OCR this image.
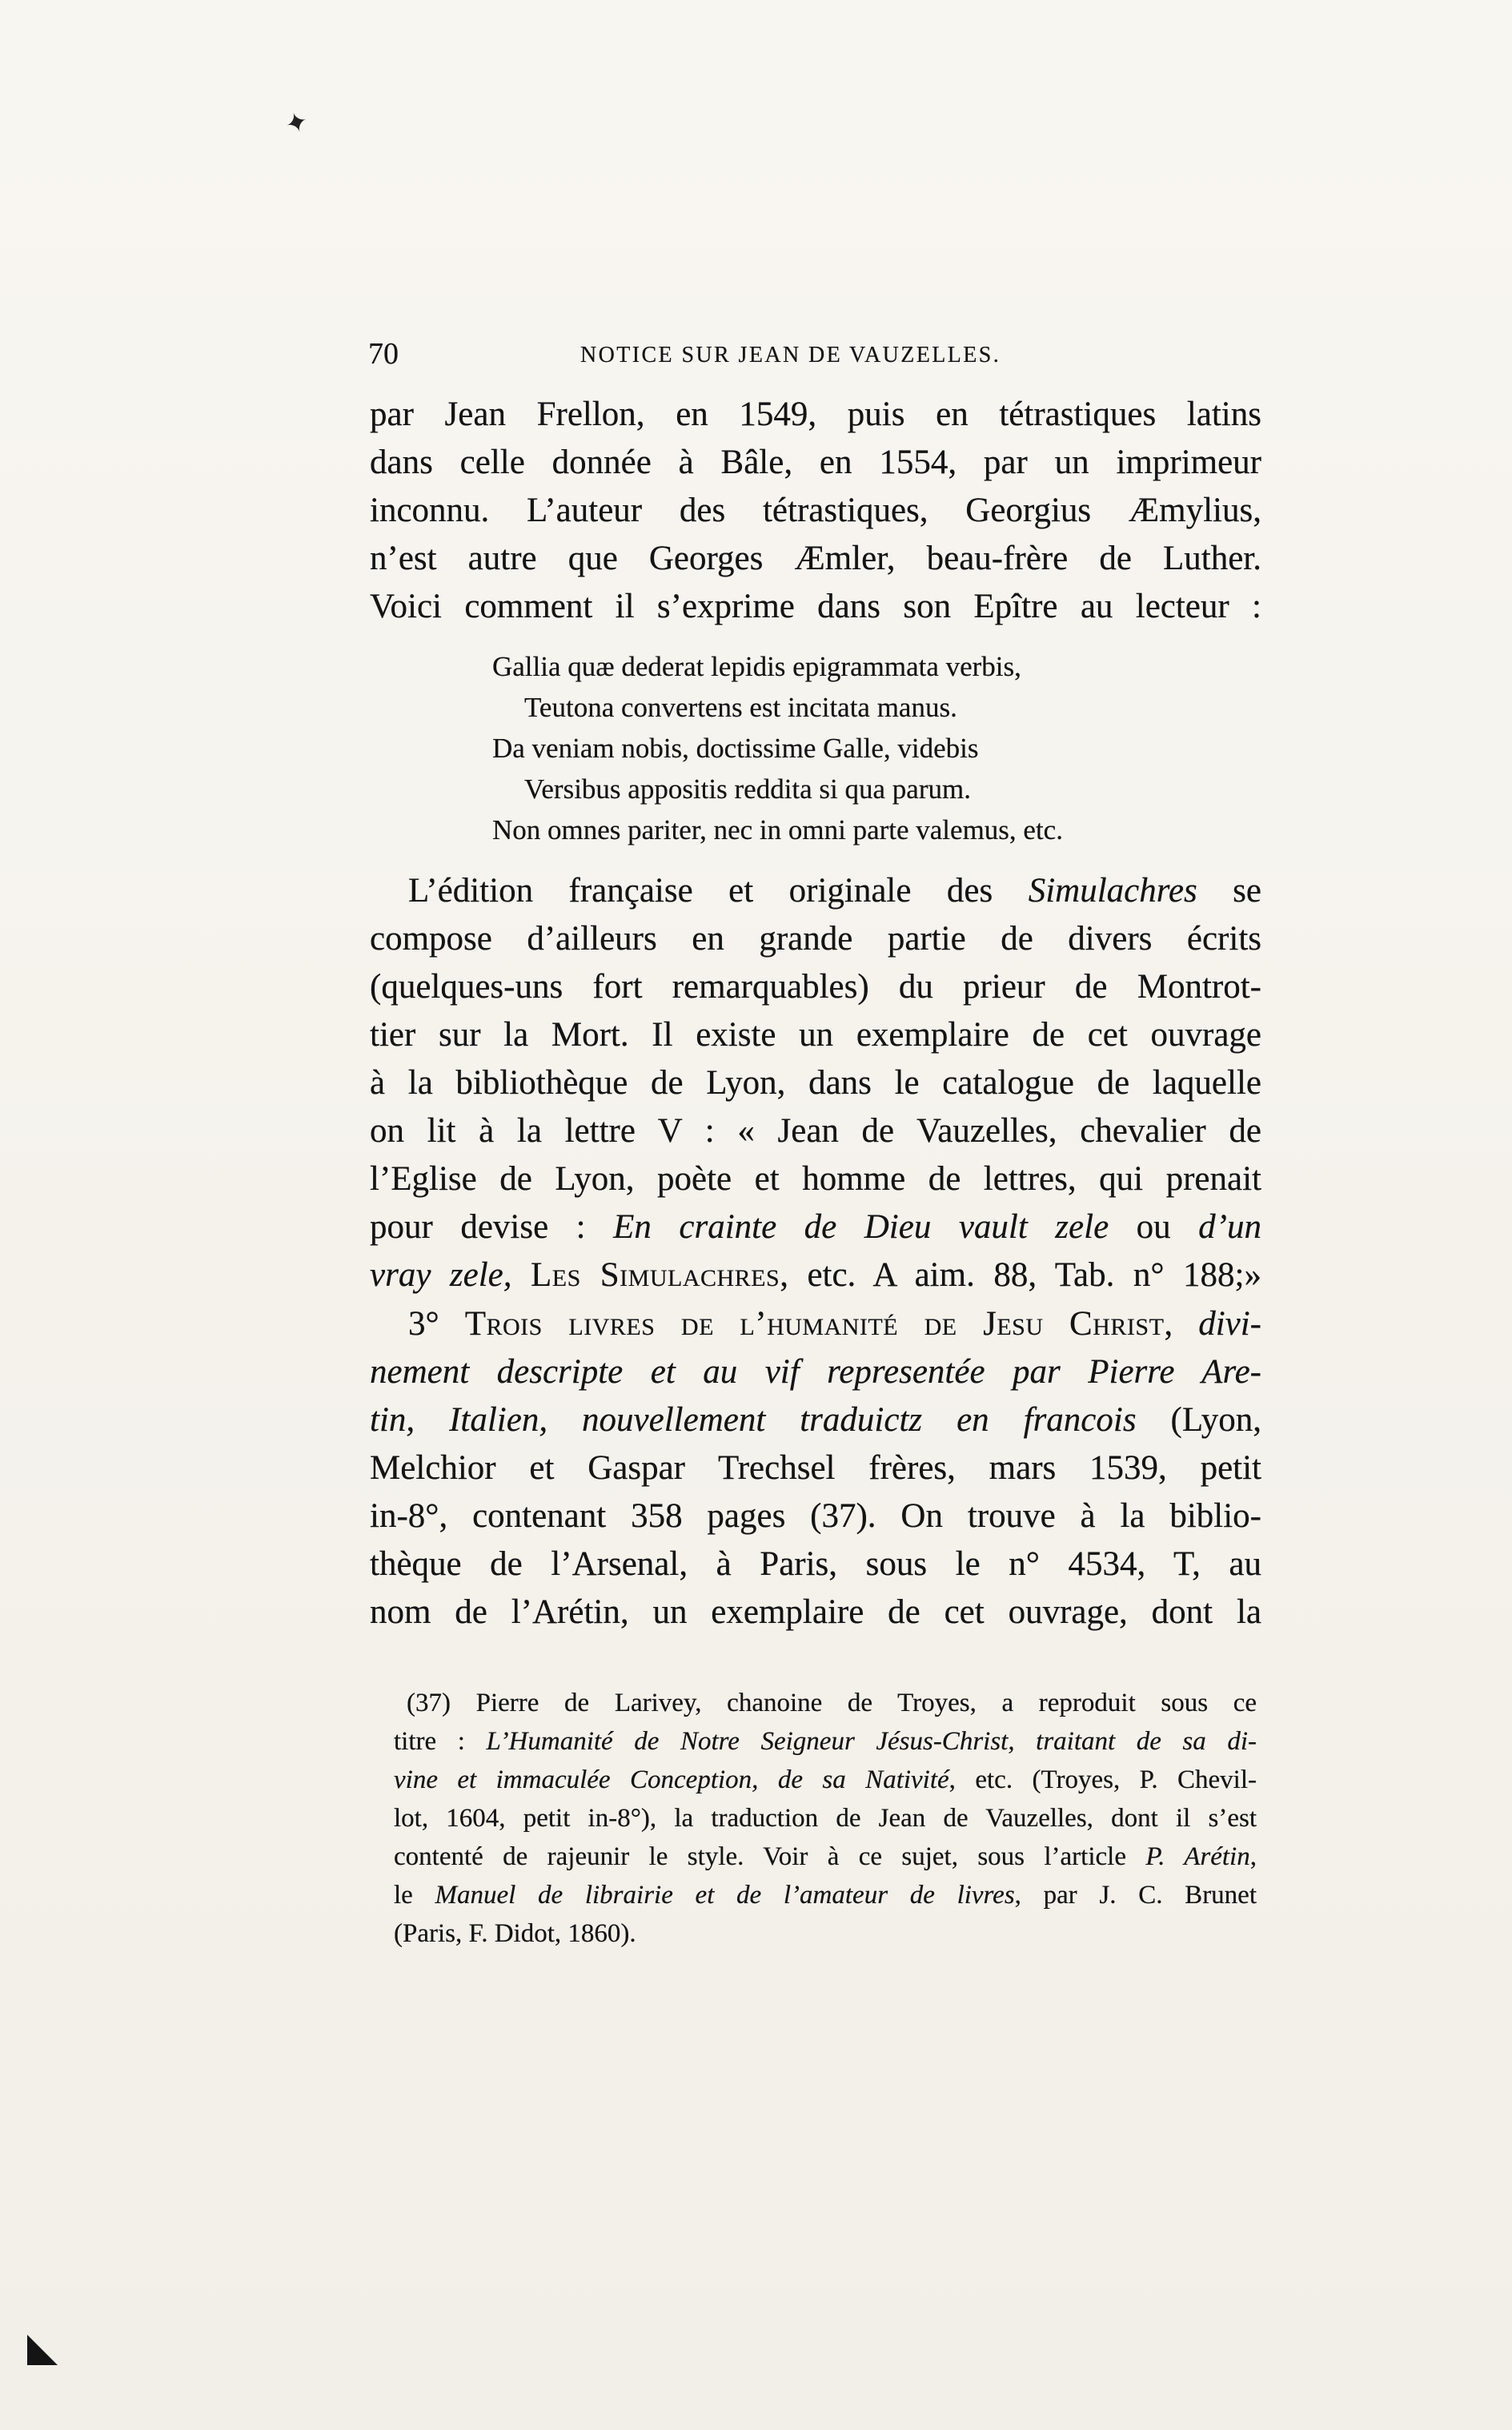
✦
70	NOTICE SUR JEAN DE VAUZELLES.
par Jean Frellon, en 1549, puis en tétrastiques latins
dans celle donnée à Bâle, en 1554, par un imprimeur
inconnu. L’auteur des tétrastiques, Georgius Æmylius,
n’est autre que Georges Æmler, beau-frère de Luther.
Voici comment il s’exprime dans son Epître au lecteur :
Gallia quæ dederat lepidis epigrammata verbis,
Teutona convertens est incitata manus.
Da veniam nobis, doctissime Galle, videbis
Versibus appositis reddita si qua parum.
Non omnes pariter, nec in omni parte valemus, etc.
L’édition française et originale des Simulachres se
compose d’ailleurs en grande partie de divers écrits
(quelques-uns fort remarquables) du prieur de Montrot-
tier sur la Mort. Il existe un exemplaire de cet ouvrage
à la bibliothèque de Lyon, dans le catalogue de laquelle
on lit à la lettre V : « Jean de Vauzelles, chevalier de
l’Eglise de Lyon, poète et homme de lettres, qui prenait
pour devise : En crainte de Dieu vault zele ou d’un
vray zele, Les Simulachres, etc. A aim. 88, Tab. n° 188;»
3° Trois livres de l’humanité de Jesu Christ, divi-
nement descripte et au vif representée par Pierre Are-
tin, Italien, nouvellement traduictz en francois (Lyon,
Melchior et Gaspar Trechsel frères, mars 1539, petit
in-8°, contenant 358 pages (37). On trouve à la biblio-
thèque de l’Arsenal, à Paris, sous le n° 4534, T, au
nom de l’Arétin, un exemplaire de cet ouvrage, dont la
(37) Pierre de Larivey, chanoine de Troyes, a reproduit sous ce
titre : L’Humanité de Notre Seigneur Jésus-Christ, traitant de sa di-
vine et immaculée Conception, de sa Nativité, etc. (Troyes, P. Chevil-
lot, 1604, petit in-8°), la traduction de Jean de Vauzelles, dont il s’est
contenté de rajeunir le style. Voir à ce sujet, sous l’article P. Arétin,
le Manuel de librairie et de l’amateur de livres, par J. C. Brunet
(Paris, F. Didot, 1860).
